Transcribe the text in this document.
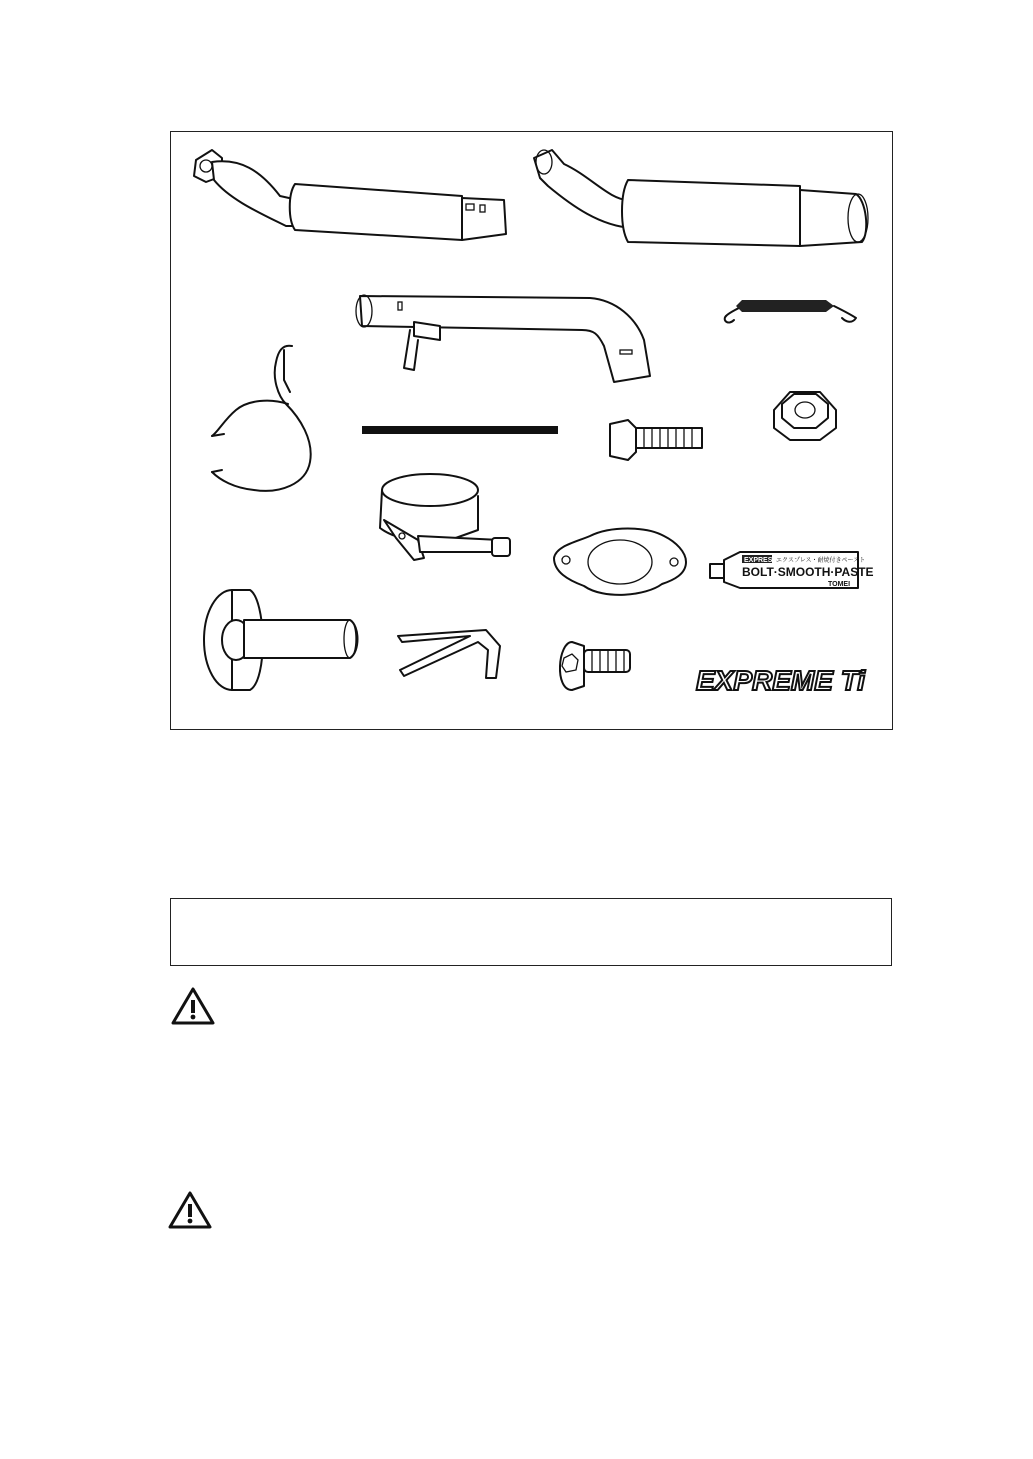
EXPRESS
エクスプレス・耐焼付きペースト
BOLT·SMOOTH·PASTE
TOMEI
EXPREME Ti
